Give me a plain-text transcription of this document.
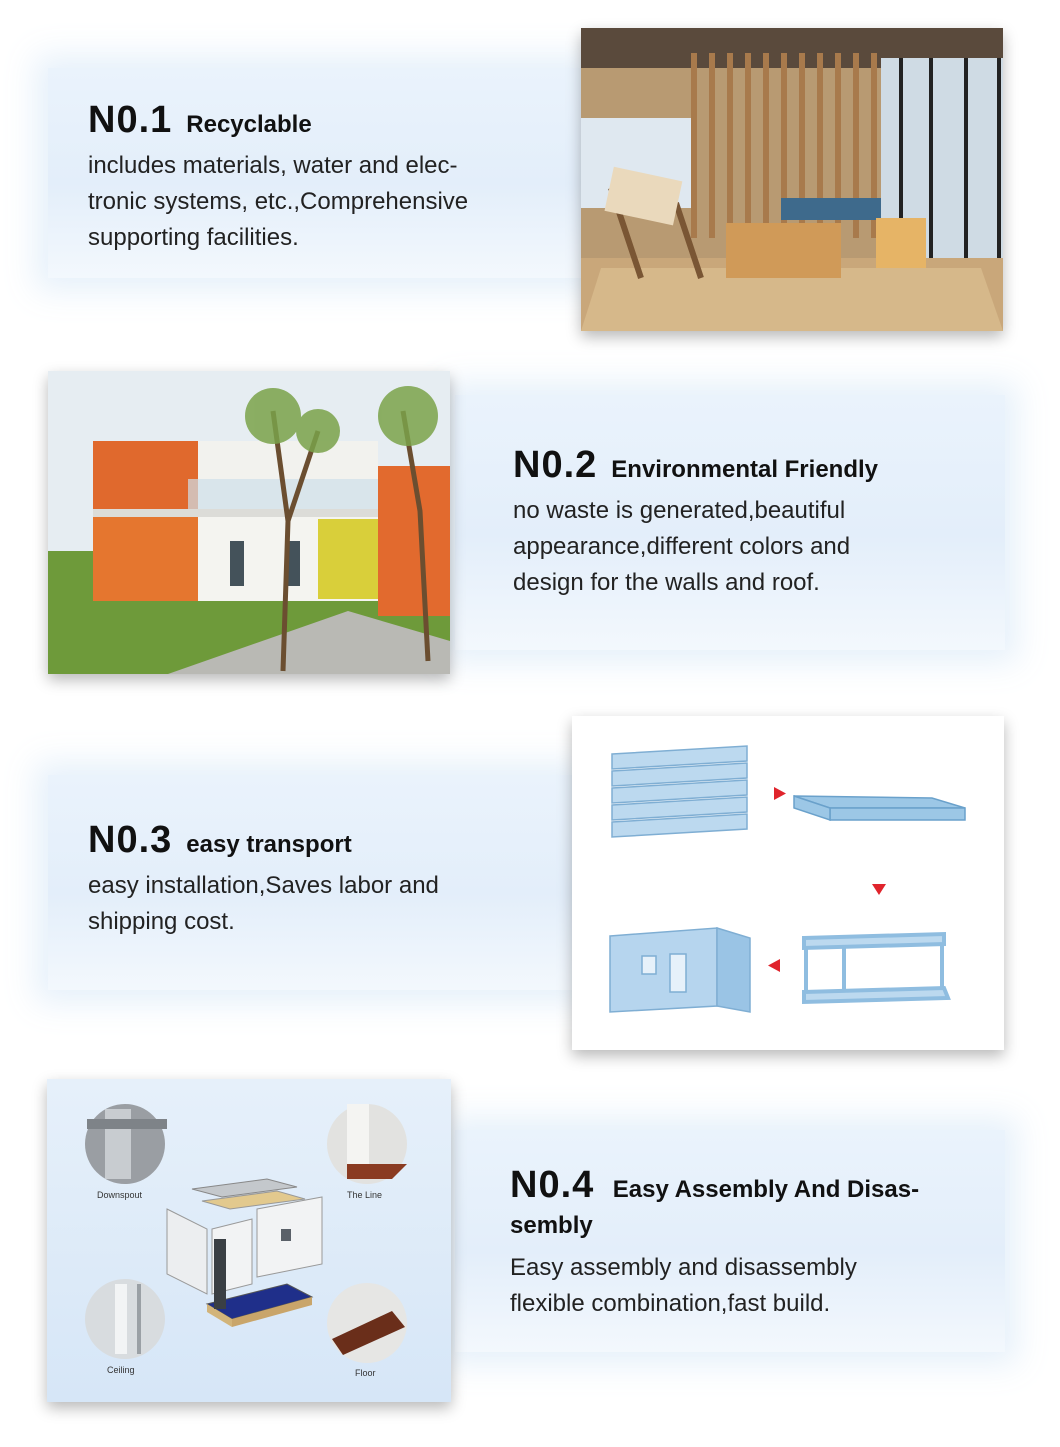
N0.1 Recyclable
includes materials, water and elec-
tronic systems, etc.,Comprehensive
supporting facilities.
N0.2 Environmental Friendly
no waste is generated,beautiful
appearance,different colors and
design for the walls and roof.
N0.3 easy transport
easy installation,Saves labor and
shipping cost.
Downspout	The Line
Ceiling	Floor
N0.4 Easy Assembly And Disas-
sembly
Easy assembly and disassembly
flexible combination,fast build.
